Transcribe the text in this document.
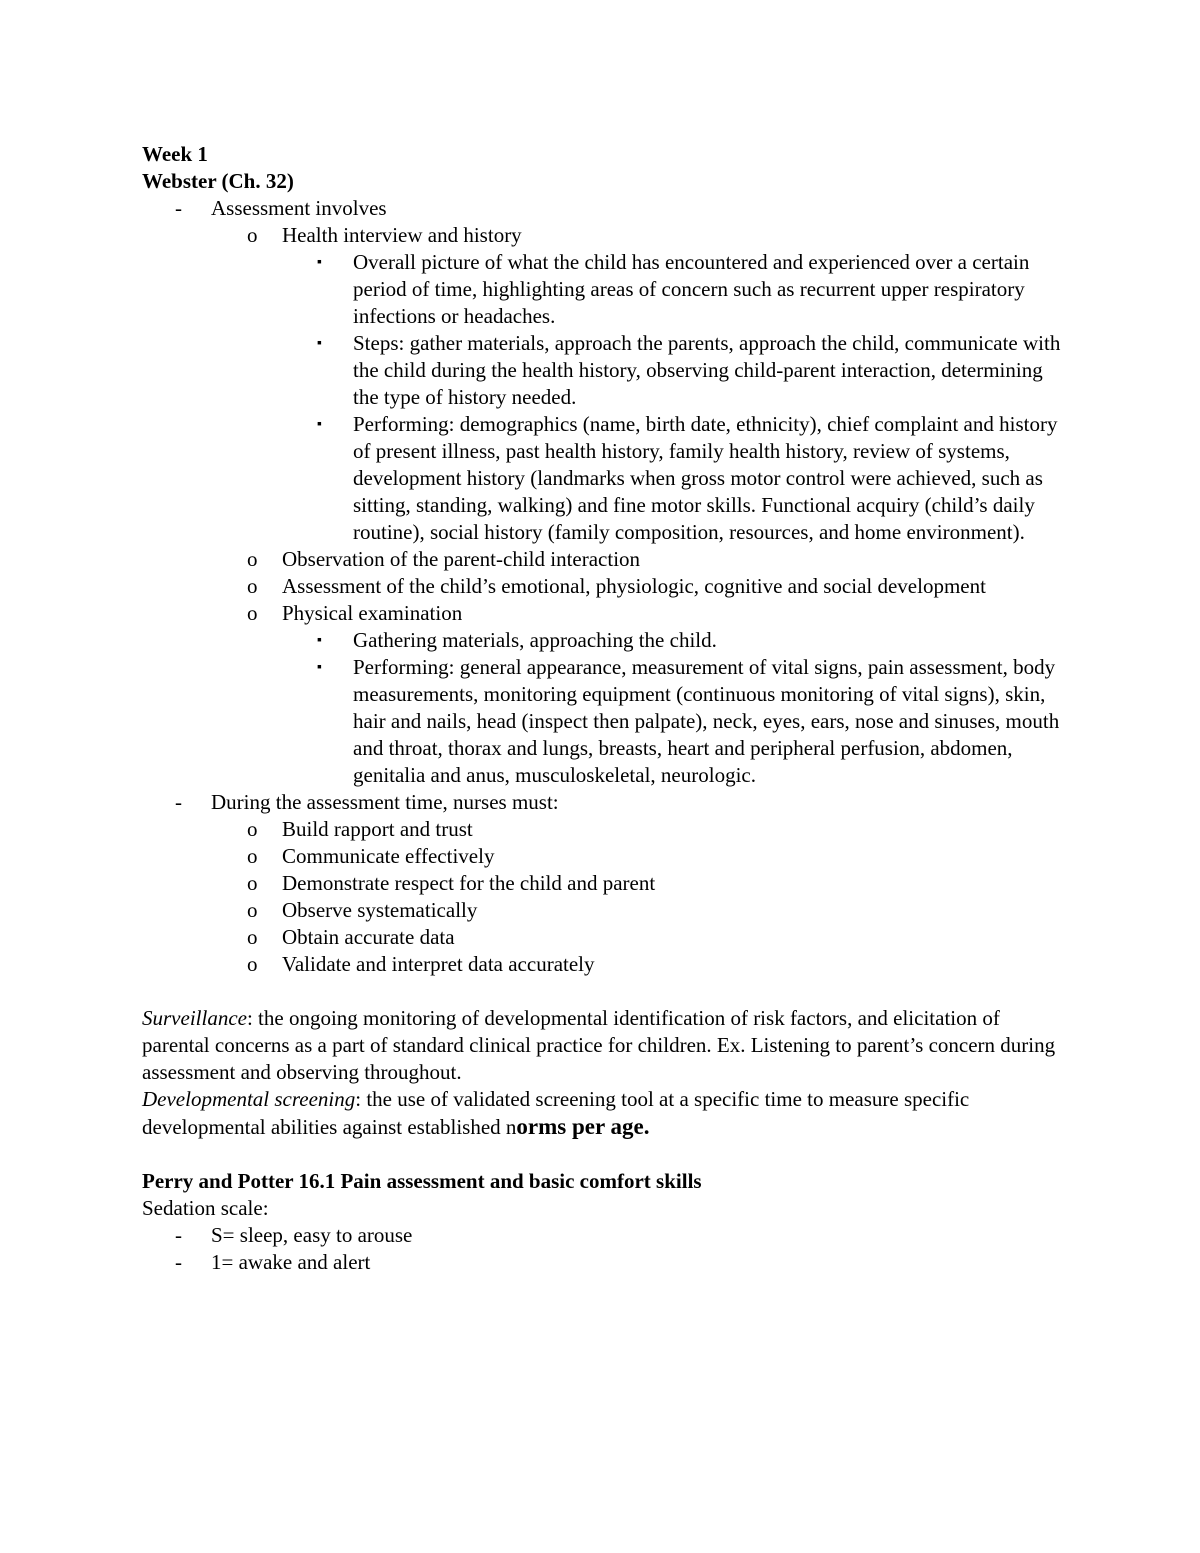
Week 1
Webster (Ch. 32)
- Assessment involves
o Health interview and history
▪ Overall picture of what the child has encountered and experienced over a certain period of time, highlighting areas of concern such as recurrent upper respiratory infections or headaches.
▪ Steps: gather materials, approach the parents, approach the child, communicate with the child during the health history, observing child-parent interaction, determining the type of history needed.
▪ Performing: demographics (name, birth date, ethnicity), chief complaint and history of present illness, past health history, family health history, review of systems, development history (landmarks when gross motor control were achieved, such as sitting, standing, walking) and fine motor skills. Functional acquiry (child’s daily routine), social history (family composition, resources, and home environment).
o Observation of the parent-child interaction
o Assessment of the child’s emotional, physiologic, cognitive and social development
o Physical examination
▪ Gathering materials, approaching the child.
▪ Performing: general appearance, measurement of vital signs, pain assessment, body measurements, monitoring equipment (continuous monitoring of vital signs), skin, hair and nails, head (inspect then palpate), neck, eyes, ears, nose and sinuses, mouth and throat, thorax and lungs, breasts, heart and peripheral perfusion, abdomen, genitalia and anus, musculoskeletal, neurologic.
- During the assessment time, nurses must:
o Build rapport and trust
o Communicate effectively
o Demonstrate respect for the child and parent
o Observe systematically
o Obtain accurate data
o Validate and interpret data accurately
Surveillance: the ongoing monitoring of developmental identification of risk factors, and elicitation of parental concerns as a part of standard clinical practice for children. Ex. Listening to parent’s concern during assessment and observing throughout.
Developmental screening: the use of validated screening tool at a specific time to measure specific developmental abilities against established norms per age.
Perry and Potter 16.1 Pain assessment and basic comfort skills
Sedation scale:
- S= sleep, easy to arouse
- 1= awake and alert
